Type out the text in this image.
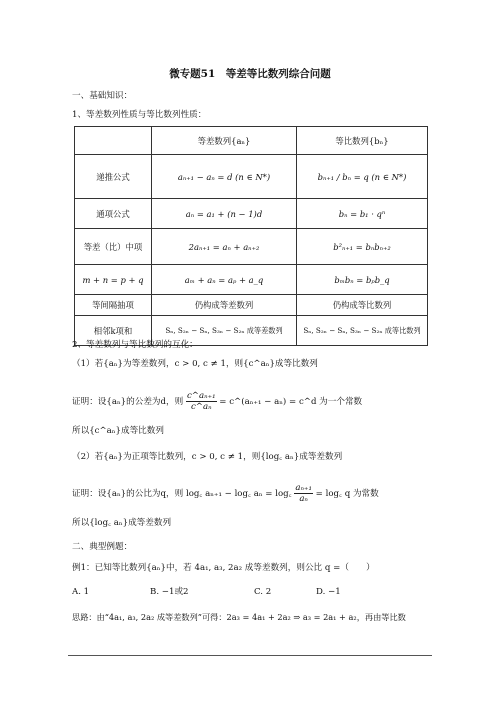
微专题51　等差等比数列综合问题
一、基础知识：
1、等差数列性质与等比数列性质：
	等差数列{aₙ}	等比数列{bₙ}
递推公式	aₙ₊₁ − aₙ = d (n ∈ N*)	bₙ₊₁ / bₙ = q (n ∈ N*)
通项公式	aₙ = a₁ + (n − 1)d	bₙ = b₁ · qⁿ
等差（比）中项	2aₙ₊₁ = aₙ + aₙ₊₂	b²ₙ₊₁ = bₙbₙ₊₂
m + n = p + q	aₘ + aₙ = aₚ + a_q	bₘbₙ = bₚb_q
等间隔抽项	仍构成等差数列	仍构成等比数列
相邻k项和	Sₙ, S₂ₙ − Sₙ, S₃ₙ − S₂ₙ 成等差数列	Sₙ, S₂ₙ − Sₙ, S₃ₙ − S₂ₙ 成等比数列
2、等差数列与等比数列的互化：
（1）若{aₙ}为等差数列，c > 0, c ≠ 1，则{c^aₙ}成等比数列
证明：设{aₙ}的公差为d，则 $\frac{\text{c\textasciicircum{}aₙ₊₁}}{\text{c\textasciicircum{}aₙ}}$ = c^(aₙ₊₁ − aₙ) = c^d 为一个常数
所以{c^aₙ}成等比数列
（2）若{aₙ}为正项等比数列，c > 0, c ≠ 1，则{log꜀ aₙ}成等差数列
证明：设{aₙ}的公比为q，则 log꜀ aₙ₊₁ − log꜀ aₙ = log꜀ $\frac{\text{aₙ₊₁}}{\text{aₙ}}$ = log꜀ q 为常数
所以{log꜀ aₙ}成等差数列
二、典型例题：
例1：已知等比数列{aₙ}中，若 4a₁, a₃, 2a₂ 成等差数列，则公比 q =（　　）
A. 1	B. −1或2	C. 2	D. −1
思路：由“4a₁, a₃, 2a₂ 成等差数列”可得：2a₃ = 4a₁ + 2a₂ ⇒ a₃ = 2a₁ + a₂，再由等比数
